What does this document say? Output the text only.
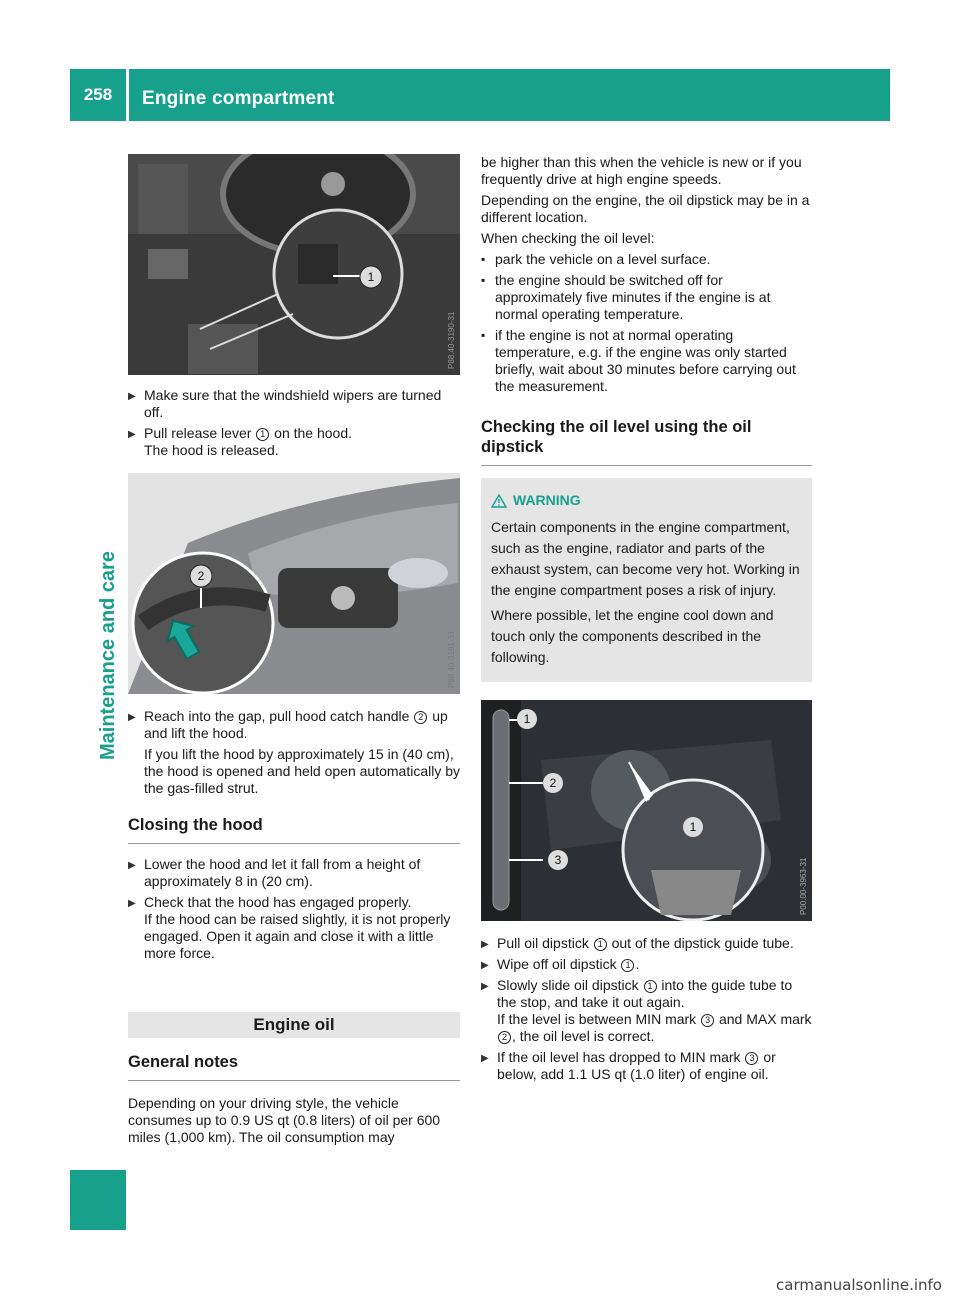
258	Engine compartment
Maintenance and care
1
P88.40-3190-31
▶ Make sure that the windshield wipers are turned off.
▶ Pull release lever 1 on the hood.
The hood is released.
2
P88.40-3191-31
▶ Reach into the gap, pull hood catch handle 2 up and lift the hood.
If you lift the hood by approximately 15 in (40 cm), the hood is opened and held open automatically by the gas-filled strut.
Closing the hood
▶ Lower the hood and let it fall from a height of approximately 8 in (20 cm).
▶ Check that the hood has engaged properly.
If the hood can be raised slightly, it is not properly engaged. Open it again and close it with a little more force.
Engine oil
General notes
Depending on your driving style, the vehicle consumes up to 0.9 US qt (0.8 liters) of oil per 600 miles (1,000 km). The oil consumption may
be higher than this when the vehicle is new or if you frequently drive at high engine speeds.
Depending on the engine, the oil dipstick may be in a different location.
When checking the oil level:
▪ park the vehicle on a level surface.
▪ the engine should be switched off for approximately five minutes if the engine is at normal operating temperature.
▪ if the engine is not at normal operating temperature, e.g. if the engine was only started briefly, wait about 30 minutes before carrying out the measurement.
Checking the oil level using the oil dipstick
WARNING
Certain components in the engine compartment, such as the engine, radiator and parts of the exhaust system, can become very hot. Working in the engine compartment poses a risk of injury.
Where possible, let the engine cool down and touch only the components described in the following.
1
2
3
1
P00.00-3963-31
▶ Pull oil dipstick 1 out of the dipstick guide tube.
▶ Wipe off oil dipstick 1 .
▶ Slowly slide oil dipstick 1 into the guide tube to the stop, and take it out again.
If the level is between MIN mark 3 and MAX mark 2 , the oil level is correct.
▶ If the oil level has dropped to MIN mark 3 or below, add 1.1 US qt (1.0 liter) of engine oil.
carmanualsonline.info
